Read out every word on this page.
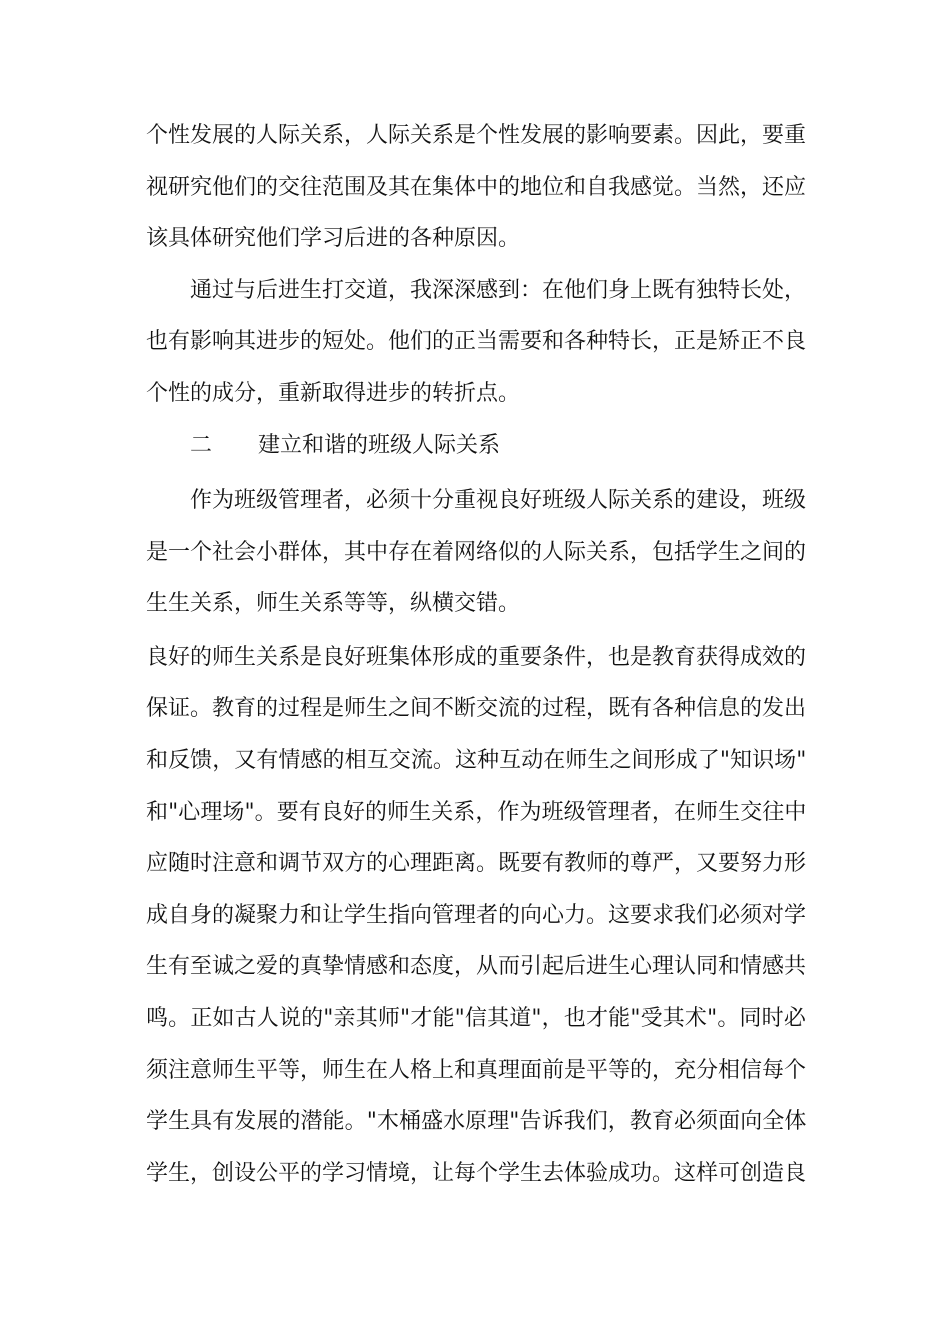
个性发展的人际关系，人际关系是个性发展的影响要素。因此，要重
视研究他们的交往范围及其在集体中的地位和自我感觉。当然，还应
该具体研究他们学习后进的各种原因。
通过与后进生打交道，我深深感到：在他们身上既有独特长处，
也有影响其进步的短处。他们的正当需要和各种特长，正是矫正不良
个性的成分，重新取得进步的转折点。
二 建立和谐的班级人际关系
作为班级管理者，必须十分重视良好班级人际关系的建设，班级
是一个社会小群体，其中存在着网络似的人际关系，包括学生之间的
生生关系，师生关系等等，纵横交错。
良好的师生关系是良好班集体形成的重要条件，也是教育获得成效的
保证。教育的过程是师生之间不断交流的过程，既有各种信息的发出
和反馈，又有情感的相互交流。这种互动在师生之间形成了"知识场"
和"心理场"。要有良好的师生关系，作为班级管理者，在师生交往中
应随时注意和调节双方的心理距离。既要有教师的尊严，又要努力形
成自身的凝聚力和让学生指向管理者的向心力。这要求我们必须对学
生有至诚之爱的真挚情感和态度，从而引起后进生心理认同和情感共
鸣。正如古人说的"亲其师"才能"信其道"，也才能"受其术"。同时必
须注意师生平等，师生在人格上和真理面前是平等的，充分相信每个
学生具有发展的潜能。"木桶盛水原理"告诉我们，教育必须面向全体
学生，创设公平的学习情境，让每个学生去体验成功。这样可创造良
